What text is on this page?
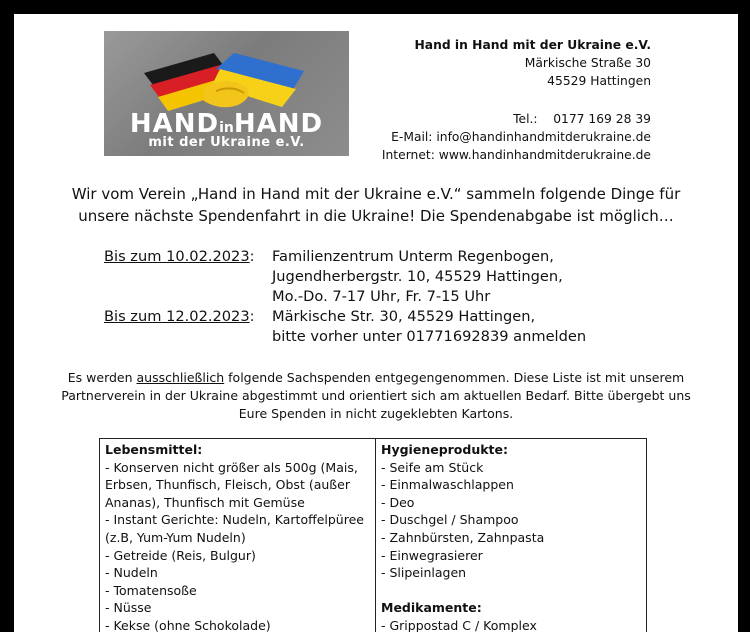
HANDinHAND
mit der Ukraine e.V.
Hand in Hand mit der Ukraine e.V.
Märkische Straße 30
45529 Hattingen
Tel.:    0177 169 28 39
E-Mail: info@handinhandmitderukraine.de
Internet: www.handinhandmitderukraine.de
Wir vom Verein „Hand in Hand mit der Ukraine e.V.“ sammeln folgende Dinge für
unsere nächste Spendenfahrt in die Ukraine! Die Spendenabgabe ist möglich…
Bis zum 10.02.2023:	Familienzentrum Unterm Regenbogen,
Jugendherbergstr. 10, 45529 Hattingen,
Mo.-Do. 7-17 Uhr, Fr. 7-15 Uhr
Bis zum 12.02.2023:	Märkische Str. 30, 45529 Hattingen,
bitte vorher unter 01771692839 anmelden
Es werden ausschließlich folgende Sachspenden entgegengenommen. Diese Liste ist mit unserem
Partnerverein in der Ukraine abgestimmt und orientiert sich am aktuellen Bedarf. Bitte übergebt uns
Eure Spenden in nicht zugeklebten Kartons.
Lebensmittel:
- Konserven nicht größer als 500g (Mais,
Erbsen, Thunfisch, Fleisch, Obst (außer
Ananas), Thunfisch mit Gemüse
- Instant Gerichte: Nudeln, Kartoffelpüree
(z.B, Yum-Yum Nudeln)
- Getreide (Reis, Bulgur)
- Nudeln
- Tomatensoße
- Nüsse
- Kekse (ohne Schokolade)
Hygieneprodukte:
- Seife am Stück
- Einmalwaschlappen
- Deo
- Duschgel / Shampoo
- Zahnbürsten, Zahnpasta
- Einwegrasierer
- Slipeinlagen
Medikamente:
- Grippostad C / Komplex
